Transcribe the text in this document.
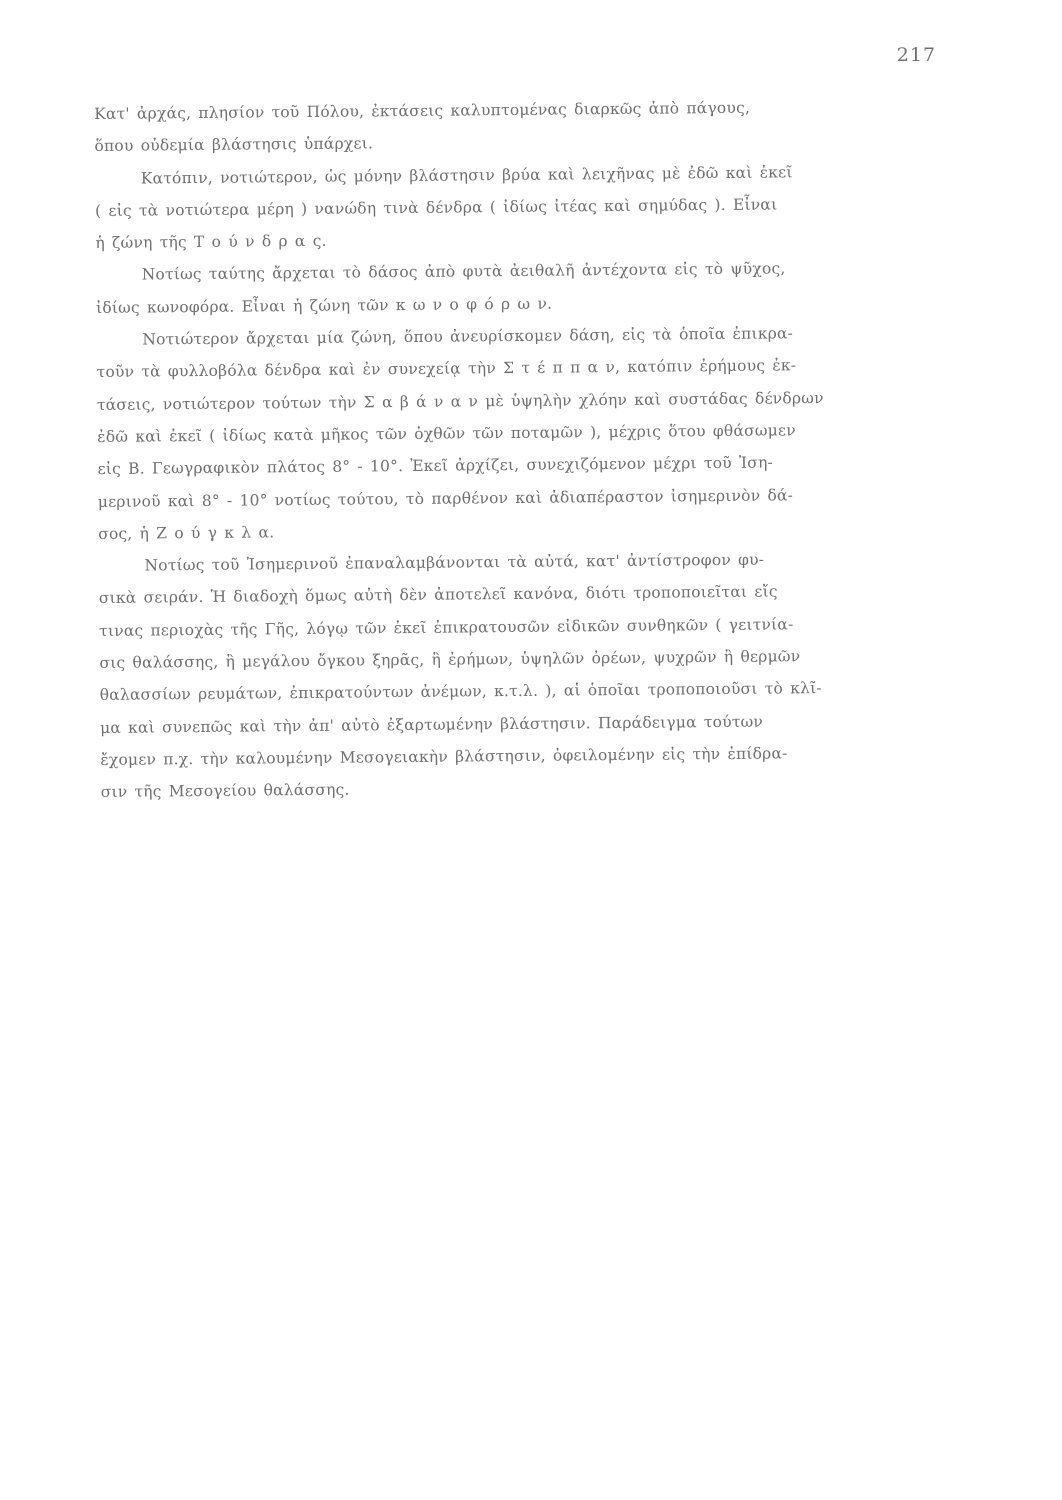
217
Κατ' ἀρχάς, πλησίον τοῦ Πόλου, ἐκτάσεις καλυπτομένας διαρκῶς ἀπὸ πάγους,
ὅπου οὐδεμία βλάστησις ὑπάρχει.
Κατόπιν, νοτιώτερον, ὡς μόνην βλάστησιν βρύα καὶ λειχῆνας μὲ ἐδῶ καὶ ἐκεῖ
( εἰς τὰ νοτιώτερα μέρη ) νανώδη τινὰ δένδρα ( ἰδίως ἰτέας καὶ σημύδας ). Εἶναι
ἡ ζώνη τῆς Τ ο ύ ν δ ρ α ς.
Νοτίως ταύτης ἄρχεται τὸ δάσος ἀπὸ φυτὰ ἀειθαλῆ ἀντέχοντα εἰς τὸ ψῦχος,
ἰδίως κωνοφόρα. Εἶναι ἡ ζώνη τῶν κ ω ν ο φ ό ρ ω ν.
Νοτιώτερον ἄρχεται μία ζώνη, ὅπου ἀνευρίσκομεν δάση, εἰς τὰ ὁποῖα ἐπικρα-
τοῦν τὰ φυλλοβόλα δένδρα καὶ ἐν συνεχείᾳ τὴν Σ τ έ π π α ν, κατόπιν ἐρήμους ἐκ-
τάσεις, νοτιώτερον τούτων τὴν Σ α β ά ν α ν μὲ ὑψηλὴν χλόην καὶ συστάδας δένδρων
ἐδῶ καὶ ἐκεῖ ( ἰδίως κατὰ μῆκος τῶν ὀχθῶν τῶν ποταμῶν ), μέχρις ὅτου φθάσωμεν
εἰς Β. Γεωγραφικὸν πλάτος 8° - 10°. Ἐκεῖ ἀρχίζει, συνεχιζόμενον μέχρι τοῦ Ἰση-
μερινοῦ καὶ 8° - 10° νοτίως τούτου, τὸ παρθένον καὶ ἀδιαπέραστον ἰσημερινὸν δά-
σος, ἡ Ζ ο ύ γ κ λ α.
Νοτίως τοῦ Ἰσημερινοῦ ἐπαναλαμβάνονται τὰ αὐτά, κατ' ἀντίστροφον φυ-
σικὰ σειράν. Ἡ διαδοχὴ ὅμως αὐτὴ δὲν ἀποτελεῖ κανόνα, διότι τροποποιεῖται εἴς
τινας περιοχὰς τῆς Γῆς, λόγῳ τῶν ἐκεῖ ἐπικρατουσῶν εἰδικῶν συνθηκῶν ( γειτνία-
σις θαλάσσης, ἢ μεγάλου ὄγκου ξηρᾶς, ἢ ἐρήμων, ὑψηλῶν ὀρέων, ψυχρῶν ἢ θερμῶν
θαλασσίων ρευμάτων, ἐπικρατούντων ἀνέμων, κ.τ.λ. ), αἱ ὁποῖαι τροποποιοῦσι τὸ κλῖ-
μα καὶ συνεπῶς καὶ τὴν ἀπ' αὐτὸ ἐξαρτωμένην βλάστησιν. Παράδειγμα τούτων
ἔχομεν π.χ. τὴν καλουμένην Μεσογειακὴν βλάστησιν, ὀφειλομένην εἰς τὴν ἐπίδρα-
σιν τῆς Μεσογείου θαλάσσης.
